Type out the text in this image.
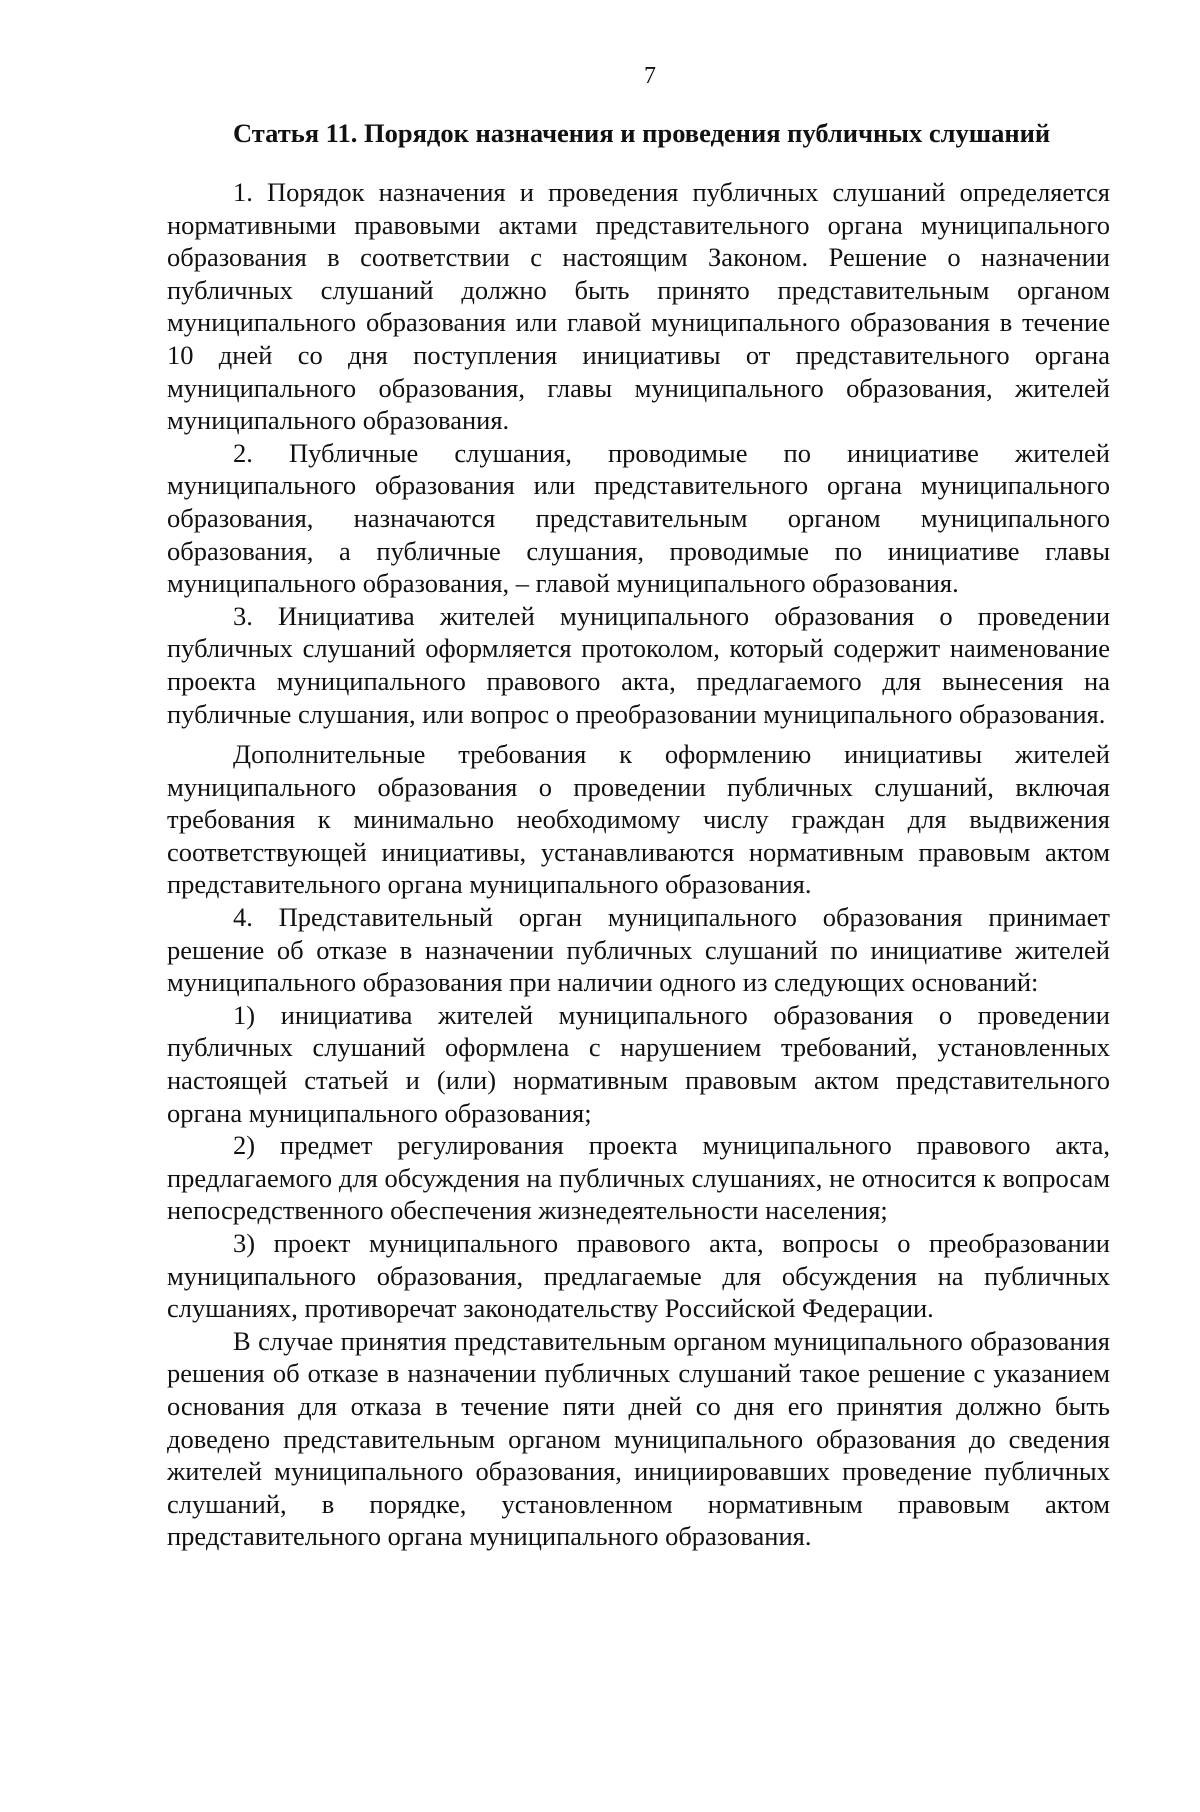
7
Статья 11. Порядок назначения и проведения публичных слушаний

1. Порядок назначения и проведения публичных слушаний определяется нормативными правовыми актами представительного органа муниципального образования в соответствии с настоящим Законом. Решение о назначении публичных слушаний должно быть принято представительным органом муниципального образования или главой муниципального образования в течение 10 дней со дня поступления инициативы от представительного органа муниципального образования, главы муниципального образования, жителей муниципального образования.

2. Публичные слушания, проводимые по инициативе жителей муниципального образования или представительного органа муниципального образования, назначаются представительным органом муниципального образования, а публичные слушания, проводимые по инициативе главы муниципального образования, – главой муниципального образования.

3. Инициатива жителей муниципального образования о проведении публичных слушаний оформляется протоколом, который содержит наименование проекта муниципального правового акта, предлагаемого для вынесения на публичные слушания, или вопрос о преобразовании муниципального образования.

Дополнительные требования к оформлению инициативы жителей муниципального образования о проведении публичных слушаний, включая требования к минимально необходимому числу граждан для выдвижения соответствующей инициативы, устанавливаются нормативным правовым актом представительного органа муниципального образования.

4. Представительный орган муниципального образования принимает решение об отказе в назначении публичных слушаний по инициативе жителей муниципального образования при наличии одного из следующих оснований:

1) инициатива жителей муниципального образования о проведении публичных слушаний оформлена с нарушением требований, установленных настоящей статьей и (или) нормативным правовым актом представительного органа муниципального образования;

2) предмет регулирования проекта муниципального правового акта, предлагаемого для обсуждения на публичных слушаниях, не относится к вопросам непосредственного обеспечения жизнедеятельности населения;

3) проект муниципального правового акта, вопросы о преобразовании муниципального образования, предлагаемые для обсуждения на публичных слушаниях, противоречат законодательству Российской Федерации.

В случае принятия представительным органом муниципального образования решения об отказе в назначении публичных слушаний такое решение с указанием основания для отказа в течение пяти дней со дня его принятия должно быть доведено представительным органом муниципального образования до сведения жителей муниципального образования, инициировавших проведение публичных слушаний, в порядке, установленном нормативным правовым актом представительного органа муниципального образования.
